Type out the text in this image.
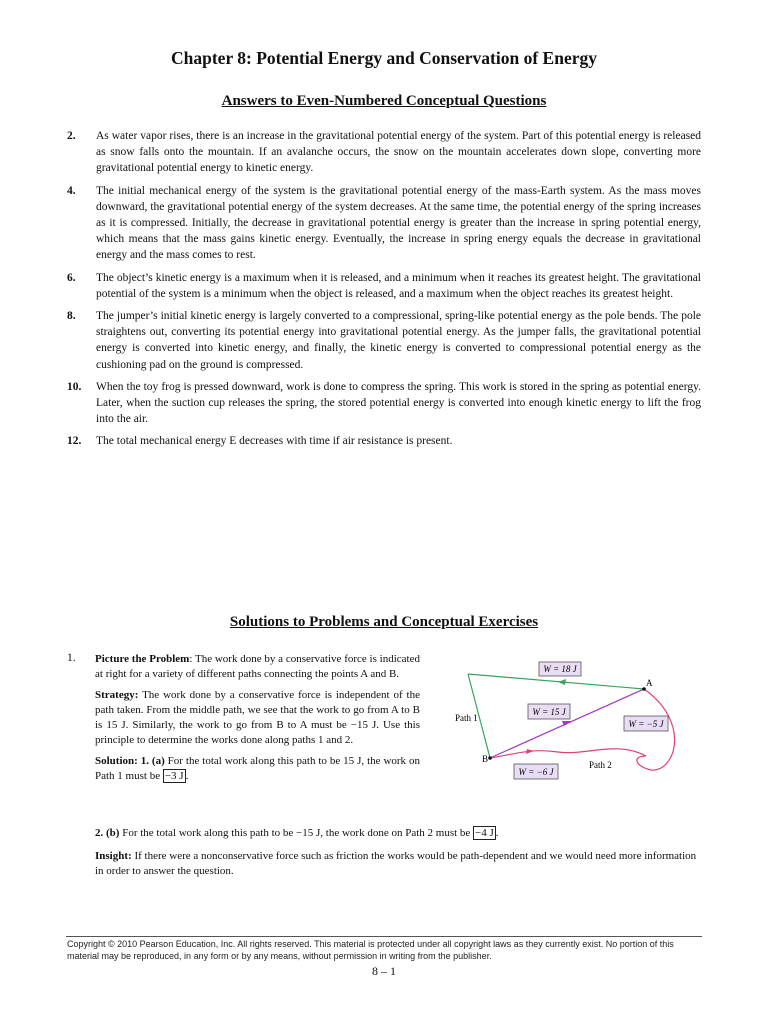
Chapter 8: Potential Energy and Conservation of Energy
Answers to Even-Numbered Conceptual Questions
2.	As water vapor rises, there is an increase in the gravitational potential energy of the system. Part of this potential energy is released as snow falls onto the mountain. If an avalanche occurs, the snow on the mountain accelerates down slope, converting more gravitational potential energy to kinetic energy.
4.	The initial mechanical energy of the system is the gravitational potential energy of the mass-Earth system. As the mass moves downward, the gravitational potential energy of the system decreases. At the same time, the potential energy of the spring increases as it is compressed. Initially, the decrease in gravitational potential energy is greater than the increase in spring potential energy, which means that the mass gains kinetic energy. Eventually, the increase in spring energy equals the decrease in gravitational energy and the mass comes to rest.
6.	The object’s kinetic energy is a maximum when it is released, and a minimum when it reaches its greatest height. The gravitational potential of the system is a minimum when the object is released, and a maximum when the object reaches its greatest height.
8.	The jumper’s initial kinetic energy is largely converted to a compressional, spring-like potential energy as the pole bends. The pole straightens out, converting its potential energy into gravitational potential energy. As the jumper falls, the gravitational potential energy is converted into kinetic energy, and finally, the kinetic energy is converted to compressional potential energy as the cushioning pad on the ground is compressed.
10.	When the toy frog is pressed downward, work is done to compress the spring. This work is stored in the spring as potential energy. Later, when the suction cup releases the spring, the stored potential energy is converted into enough kinetic energy to lift the frog into the air.
12.	The total mechanical energy E decreases with time if air resistance is present.
Solutions to Problems and Conceptual Exercises
1. Picture the Problem: The work done by a conservative force is indicated at right for a variety of different paths connecting the points A and B.

Strategy: The work done by a conservative force is independent of the path taken. From the middle path, we see that the work to go from A to B is 15 J. Similarly, the work to go from B to A must be −15 J. Use this principle to determine the works done along paths 1 and 2.

Solution: 1. (a) For the total work along this path to be 15 J, the work on Path 1 must be −3 J .

2. (b) For the total work along this path to be −15 J, the work done on Path 2 must be −4 J .

Insight: If there were a nonconservative force such as friction the works would be path-dependent and we would need more information in order to answer the question.

A
B
W = 18 J
W = 15 J
W = −5 J
W = −6 J
Path 1
Path 2
Copyright © 2010 Pearson Education, Inc. All rights reserved. This material is protected under all copyright laws as they currently exist. No portion of this material may be reproduced, in any form or by any means, without permission in writing from the publisher.
8 – 1
